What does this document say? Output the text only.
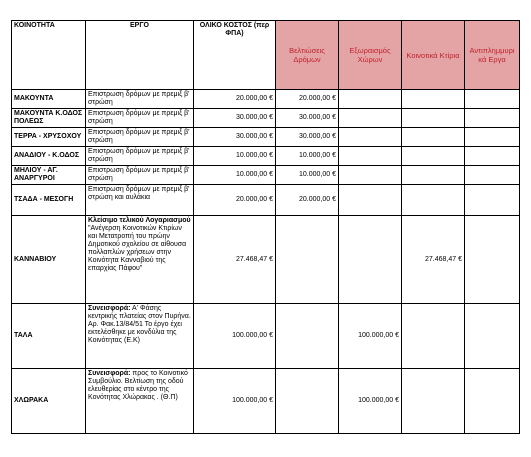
ΚΟΙΝΟΤΗΤΑ	ΕΡΓΟ	ΟΛΙΚΟ ΚΟΣΤΟΣ (περ ΦΠΑ)	Βελτιώσεις Δρόμων	Εξωραισμός Χώρων	Κοινοτικά Κτίρια	Αντιπλημμυρι κά Εργα
ΜΑΚΟΥΝΤΑ	Επιστρωση δρόμων με πρεμιξ β' στρώση	20.000,00 €	20.000,00 €			
ΜΑΚΟΥΝΤΑ Κ.ΟΔΟΣ ΠΟΛΕΩΣ	Επιστρωση δρόμων με πρεμιξ β' στρώση	30.000,00 €	30.000,00 €			
ΤΕΡΡΑ - ΧΡΥΣΟΧΟΥ	Επιστρωση δρόμων με πρεμιξ β' στρώση	30.000,00 €	30.000,00 €			
ΑΝΑΔΙΟΥ - Κ.ΟΔΟΣ	Επιστρωση δρόμων με πρεμιξ β' στρώση	10.000,00 €	10.000,00 €			
ΜΗΛΙΟΥ - ΑΓ. ΑΝΑΡΓΥΡΟΙ	Επιστρωση δρόμων με πρεμιξ β' στρώση	10.000,00 €	10.000,00 €			
ΤΣΑΔΑ - ΜΕΣΟΓΗ	Επιστρωση δρόμων με πρεμιξ β' στρώση και αυλάκια	20.000,00 €	20.000,00 €			
ΚΑΝΝΑΒΙΟΥ	Κλείσιμο τελικού Λογαριασμού "Ανέγερση Κοινοτικών Κτιρίων και Μετατροπή του πρώην Δημοτικού σχολείου σε αίθουσα πολλαπλών χρήσεων στην Κοινότητα Κανναβιού της επαρχίας Πάφου"	27.468,47 €			27.468,47 €	
ΤΑΛΑ	Συνεισφορά: Α' Φάσης κεντρικής πλατείας στον Πυρήνα. Αρ. Φακ.13/84/51 Το έργο έχει εκτελέσθηκε με κονδύλια της Κοινότητας (Ε.Κ)	100.000,00 €		100.000,00 €		
ΧΛΩΡΑΚΑ	Συνεισφορά: προς το Κοινοτικό Συμβούλιο. Βελτίωση της οδού ελευθερίας στο κέντρο της Κονότητας Χλώρακας . (Θ.Π)	100.000,00 €		100.000,00 €		
